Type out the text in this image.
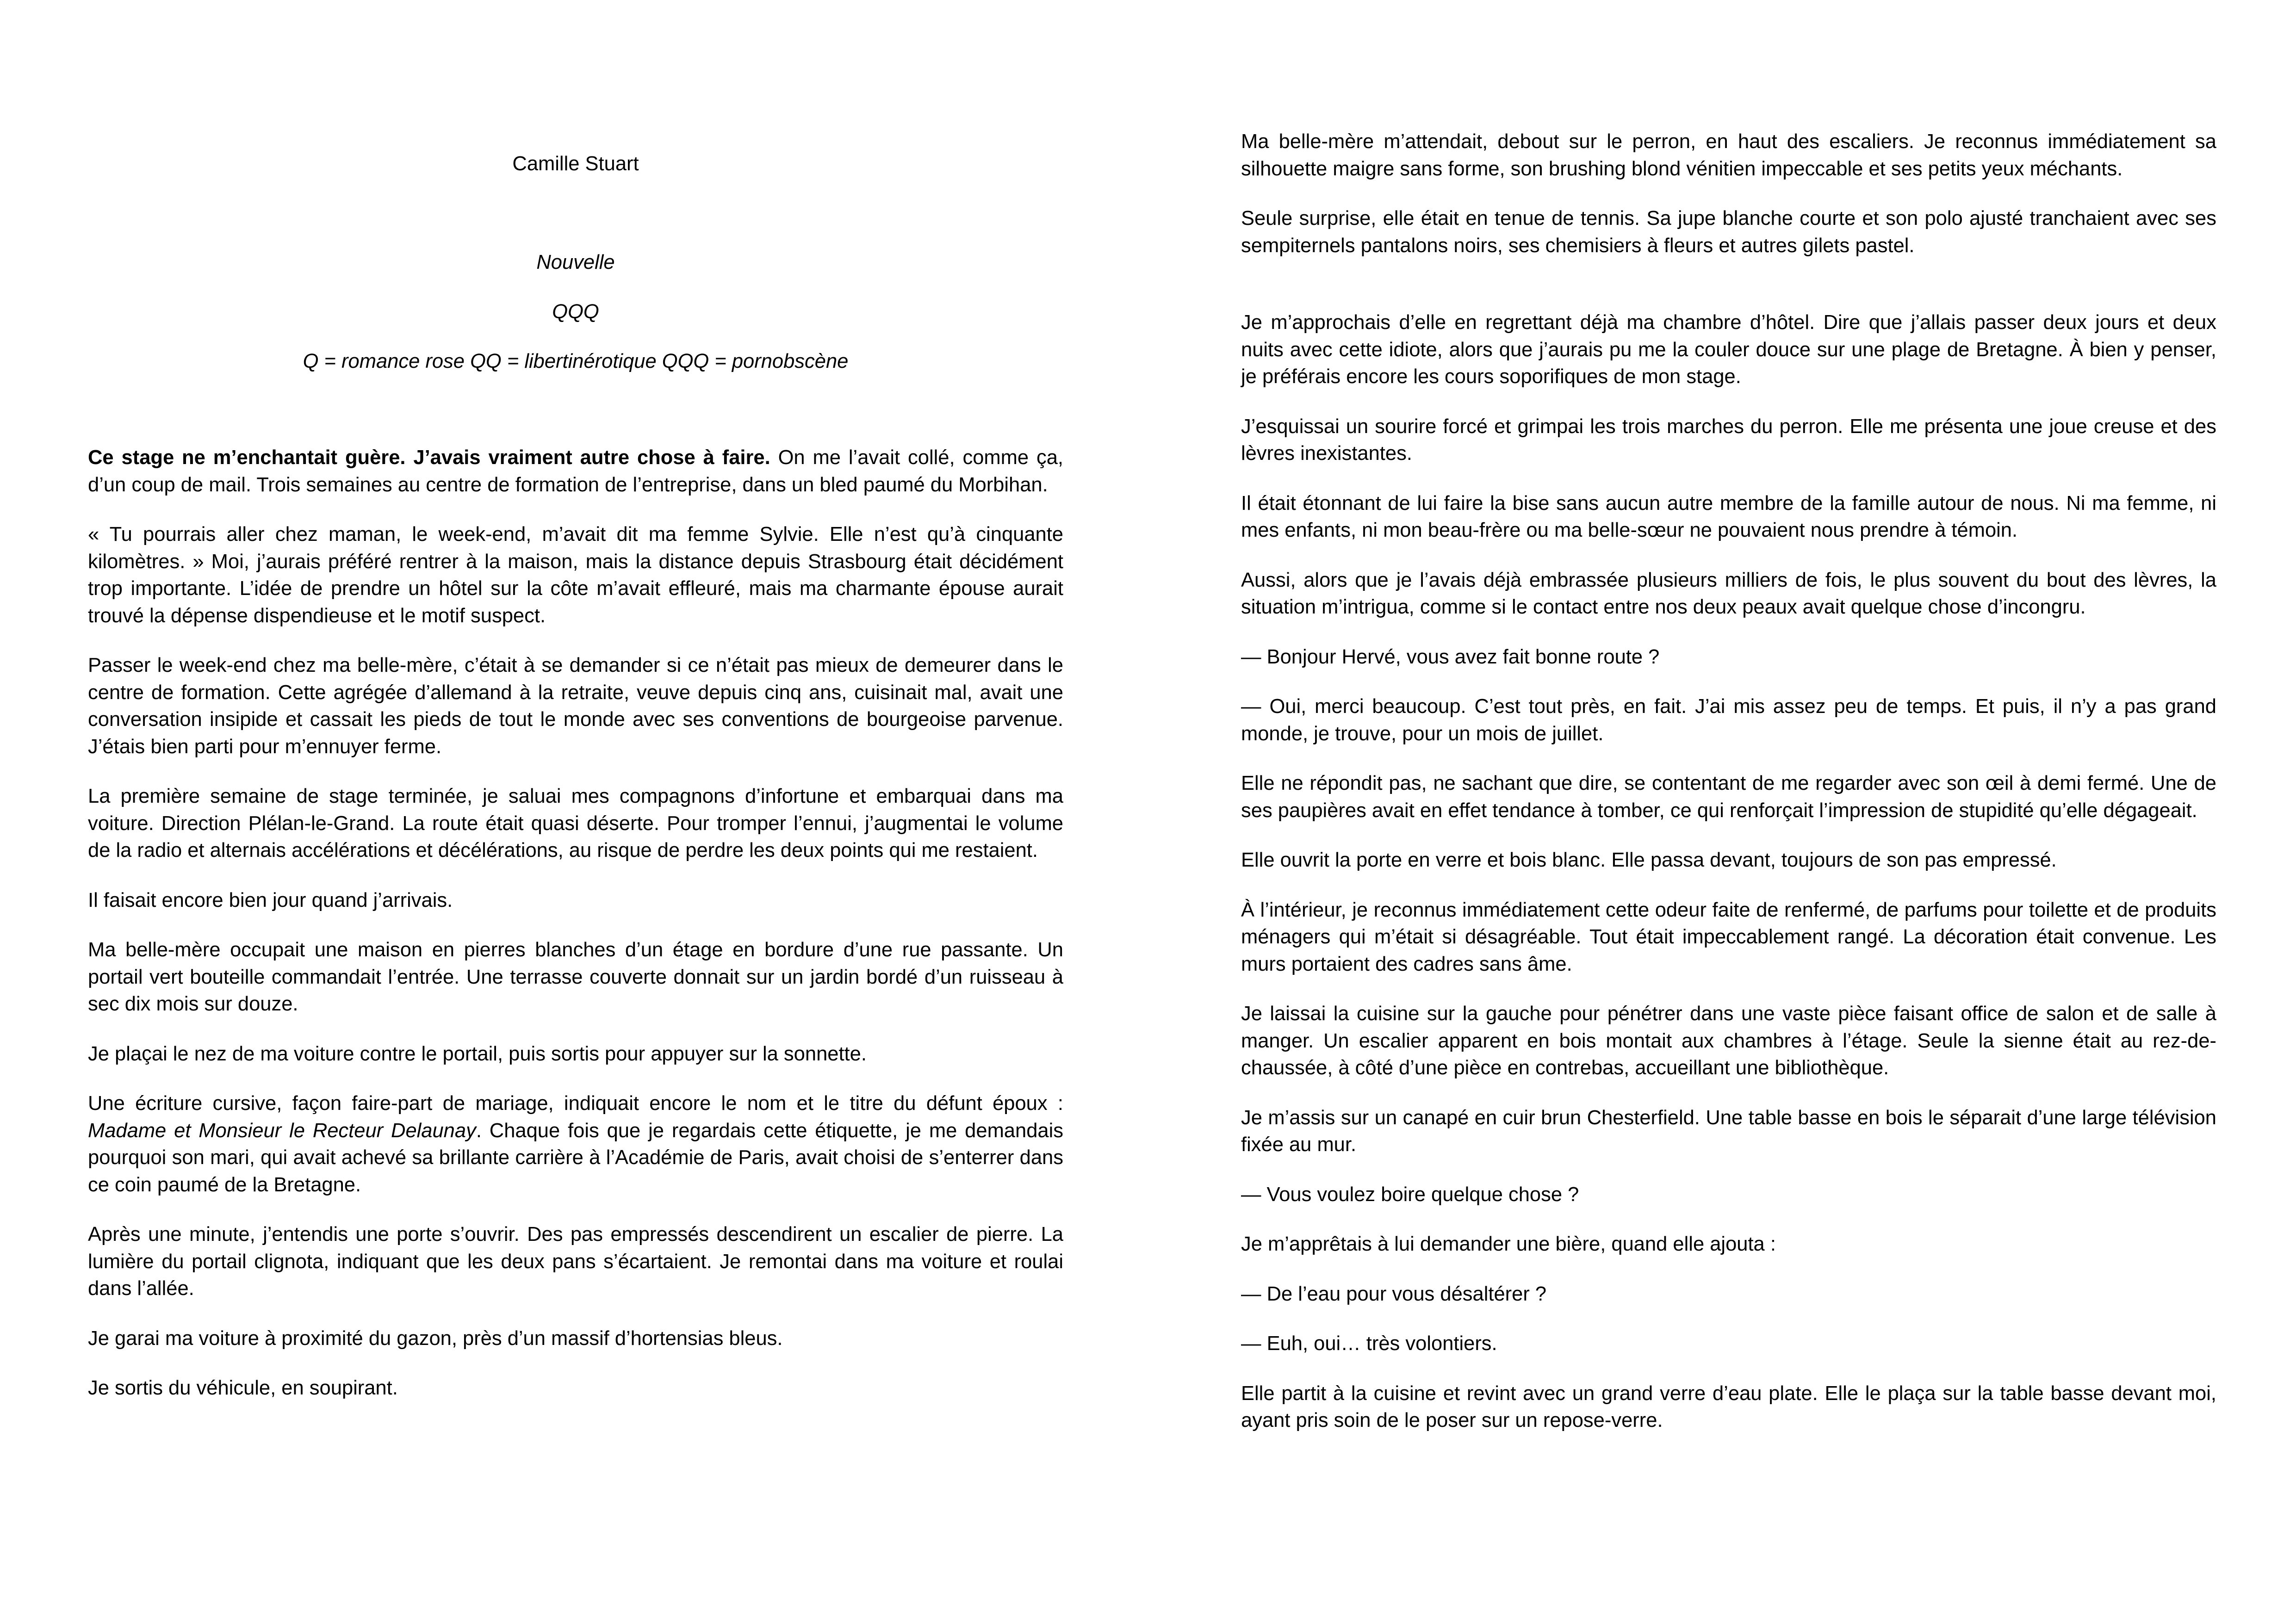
Camille Stuart
Nouvelle
QQQ
Q = romance rose QQ = libertinérotique QQQ = pornobscène

Ce stage ne m’enchantait guère. J’avais vraiment autre chose à faire. On me l’avait collé, comme ça, d’un coup de mail. Trois semaines au centre de formation de l’entreprise, dans un bled paumé du Morbihan.

« Tu pourrais aller chez maman, le week-end, m’avait dit ma femme Sylvie. Elle n’est qu’à cinquante kilomètres. » Moi, j’aurais préféré rentrer à la maison, mais la distance depuis Strasbourg était décidément trop importante. L’idée de prendre un hôtel sur la côte m’avait effleuré, mais ma charmante épouse aurait trouvé la dépense dispendieuse et le motif suspect.

Passer le week-end chez ma belle-mère, c’était à se demander si ce n’était pas mieux de demeurer dans le centre de formation. Cette agrégée d’allemand à la retraite, veuve depuis cinq ans, cuisinait mal, avait une conversation insipide et cassait les pieds de tout le monde avec ses conventions de bourgeoise parvenue. J’étais bien parti pour m’ennuyer ferme.

La première semaine de stage terminée, je saluai mes compagnons d’infortune et embarquai dans ma voiture. Direction Plélan-le-Grand. La route était quasi déserte. Pour tromper l’ennui, j’augmentai le volume de la radio et alternais accélérations et décélérations, au risque de perdre les deux points qui me restaient.

Il faisait encore bien jour quand j’arrivais.

Ma belle-mère occupait une maison en pierres blanches d’un étage en bordure d’une rue passante. Un portail vert bouteille commandait l’entrée. Une terrasse couverte donnait sur un jardin bordé d’un ruisseau à sec dix mois sur douze.

Je plaçai le nez de ma voiture contre le portail, puis sortis pour appuyer sur la sonnette.

Une écriture cursive, façon faire-part de mariage, indiquait encore le nom et le titre du défunt époux : Madame et Monsieur le Recteur Delaunay. Chaque fois que je regardais cette étiquette, je me demandais pourquoi son mari, qui avait achevé sa brillante carrière à l’Académie de Paris, avait choisi de s’enterrer dans ce coin paumé de la Bretagne.

Après une minute, j’entendis une porte s’ouvrir. Des pas empressés descendirent un escalier de pierre. La lumière du portail clignota, indiquant que les deux pans s’écartaient. Je remontai dans ma voiture et roulai dans l’allée.

Je garai ma voiture à proximité du gazon, près d’un massif d’hortensias bleus.

Je sortis du véhicule, en soupirant.

Ma belle-mère m’attendait, debout sur le perron, en haut des escaliers. Je reconnus immédiatement sa silhouette maigre sans forme, son brushing blond vénitien impeccable et ses petits yeux méchants.

Seule surprise, elle était en tenue de tennis. Sa jupe blanche courte et son polo ajusté tranchaient avec ses sempiternels pantalons noirs, ses chemisiers à fleurs et autres gilets pastel.

Je m’approchais d’elle en regrettant déjà ma chambre d’hôtel. Dire que j’allais passer deux jours et deux nuits avec cette idiote, alors que j’aurais pu me la couler douce sur une plage de Bretagne. À bien y penser, je préférais encore les cours soporifiques de mon stage.

J’esquissai un sourire forcé et grimpai les trois marches du perron. Elle me présenta une joue creuse et des lèvres inexistantes.

Il était étonnant de lui faire la bise sans aucun autre membre de la famille autour de nous. Ni ma femme, ni mes enfants, ni mon beau-frère ou ma belle-sœur ne pouvaient nous prendre à témoin.

Aussi, alors que je l’avais déjà embrassée plusieurs milliers de fois, le plus souvent du bout des lèvres, la situation m’intrigua, comme si le contact entre nos deux peaux avait quelque chose d’incongru.

— Bonjour Hervé, vous avez fait bonne route ?

— Oui, merci beaucoup. C’est tout près, en fait. J’ai mis assez peu de temps. Et puis, il n’y a pas grand monde, je trouve, pour un mois de juillet.

Elle ne répondit pas, ne sachant que dire, se contentant de me regarder avec son œil à demi fermé. Une de ses paupières avait en effet tendance à tomber, ce qui renforçait l’impression de stupidité qu’elle dégageait.

Elle ouvrit la porte en verre et bois blanc. Elle passa devant, toujours de son pas empressé.

À l’intérieur, je reconnus immédiatement cette odeur faite de renfermé, de parfums pour toilette et de produits ménagers qui m’était si désagréable. Tout était impeccablement rangé. La décoration était convenue. Les murs portaient des cadres sans âme.

Je laissai la cuisine sur la gauche pour pénétrer dans une vaste pièce faisant office de salon et de salle à manger. Un escalier apparent en bois montait aux chambres à l’étage. Seule la sienne était au rez-de-chaussée, à côté d’une pièce en contrebas, accueillant une bibliothèque.

Je m’assis sur un canapé en cuir brun Chesterfield. Une table basse en bois le séparait d’une large télévision fixée au mur.

— Vous voulez boire quelque chose ?

Je m’apprêtais à lui demander une bière, quand elle ajouta :

— De l’eau pour vous désaltérer ?

— Euh, oui… très volontiers.

Elle partit à la cuisine et revint avec un grand verre d’eau plate. Elle le plaça sur la table basse devant moi, ayant pris soin de le poser sur un repose-verre.
